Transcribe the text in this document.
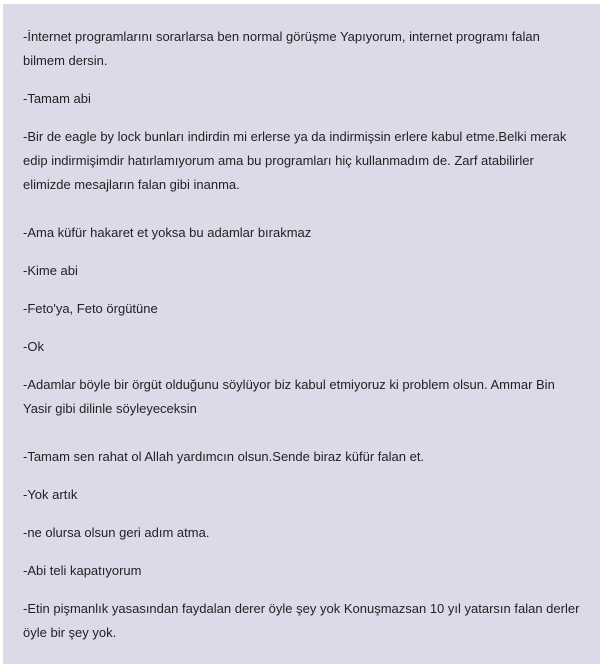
-İnternet programlarını sorarlarsa ben normal görüşme Yapıyorum, internet programı falan bilmem dersin.

-Tamam abi

-Bir de eagle by lock bunları indirdin mi erlerse ya da indirmişsin erlere kabul etme.Belki merak edip indirmişimdir hatırlamıyorum ama bu programları hiç kullanmadım de. Zarf atabilirler elimizde mesajların falan gibi inanma.

-Ama küfür hakaret et yoksa bu adamlar bırakmaz

-Kime abi

-Feto'ya, Feto örgütüne

-Ok

-Adamlar böyle bir örgüt olduğunu söylüyor biz kabul etmiyoruz ki problem olsun. Ammar Bin Yasir gibi dilinle söyleyeceksin

-Tamam sen rahat ol Allah yardımcın olsun.Sende biraz küfür falan et.

-Yok artık

-ne olursa olsun geri adım atma.

-Abi teli kapatıyorum

-Etin pişmanlık yasasından faydalan derer öyle şey yok Konuşmazsan 10 yıl yatarsın falan derler öyle bir şey yok.
